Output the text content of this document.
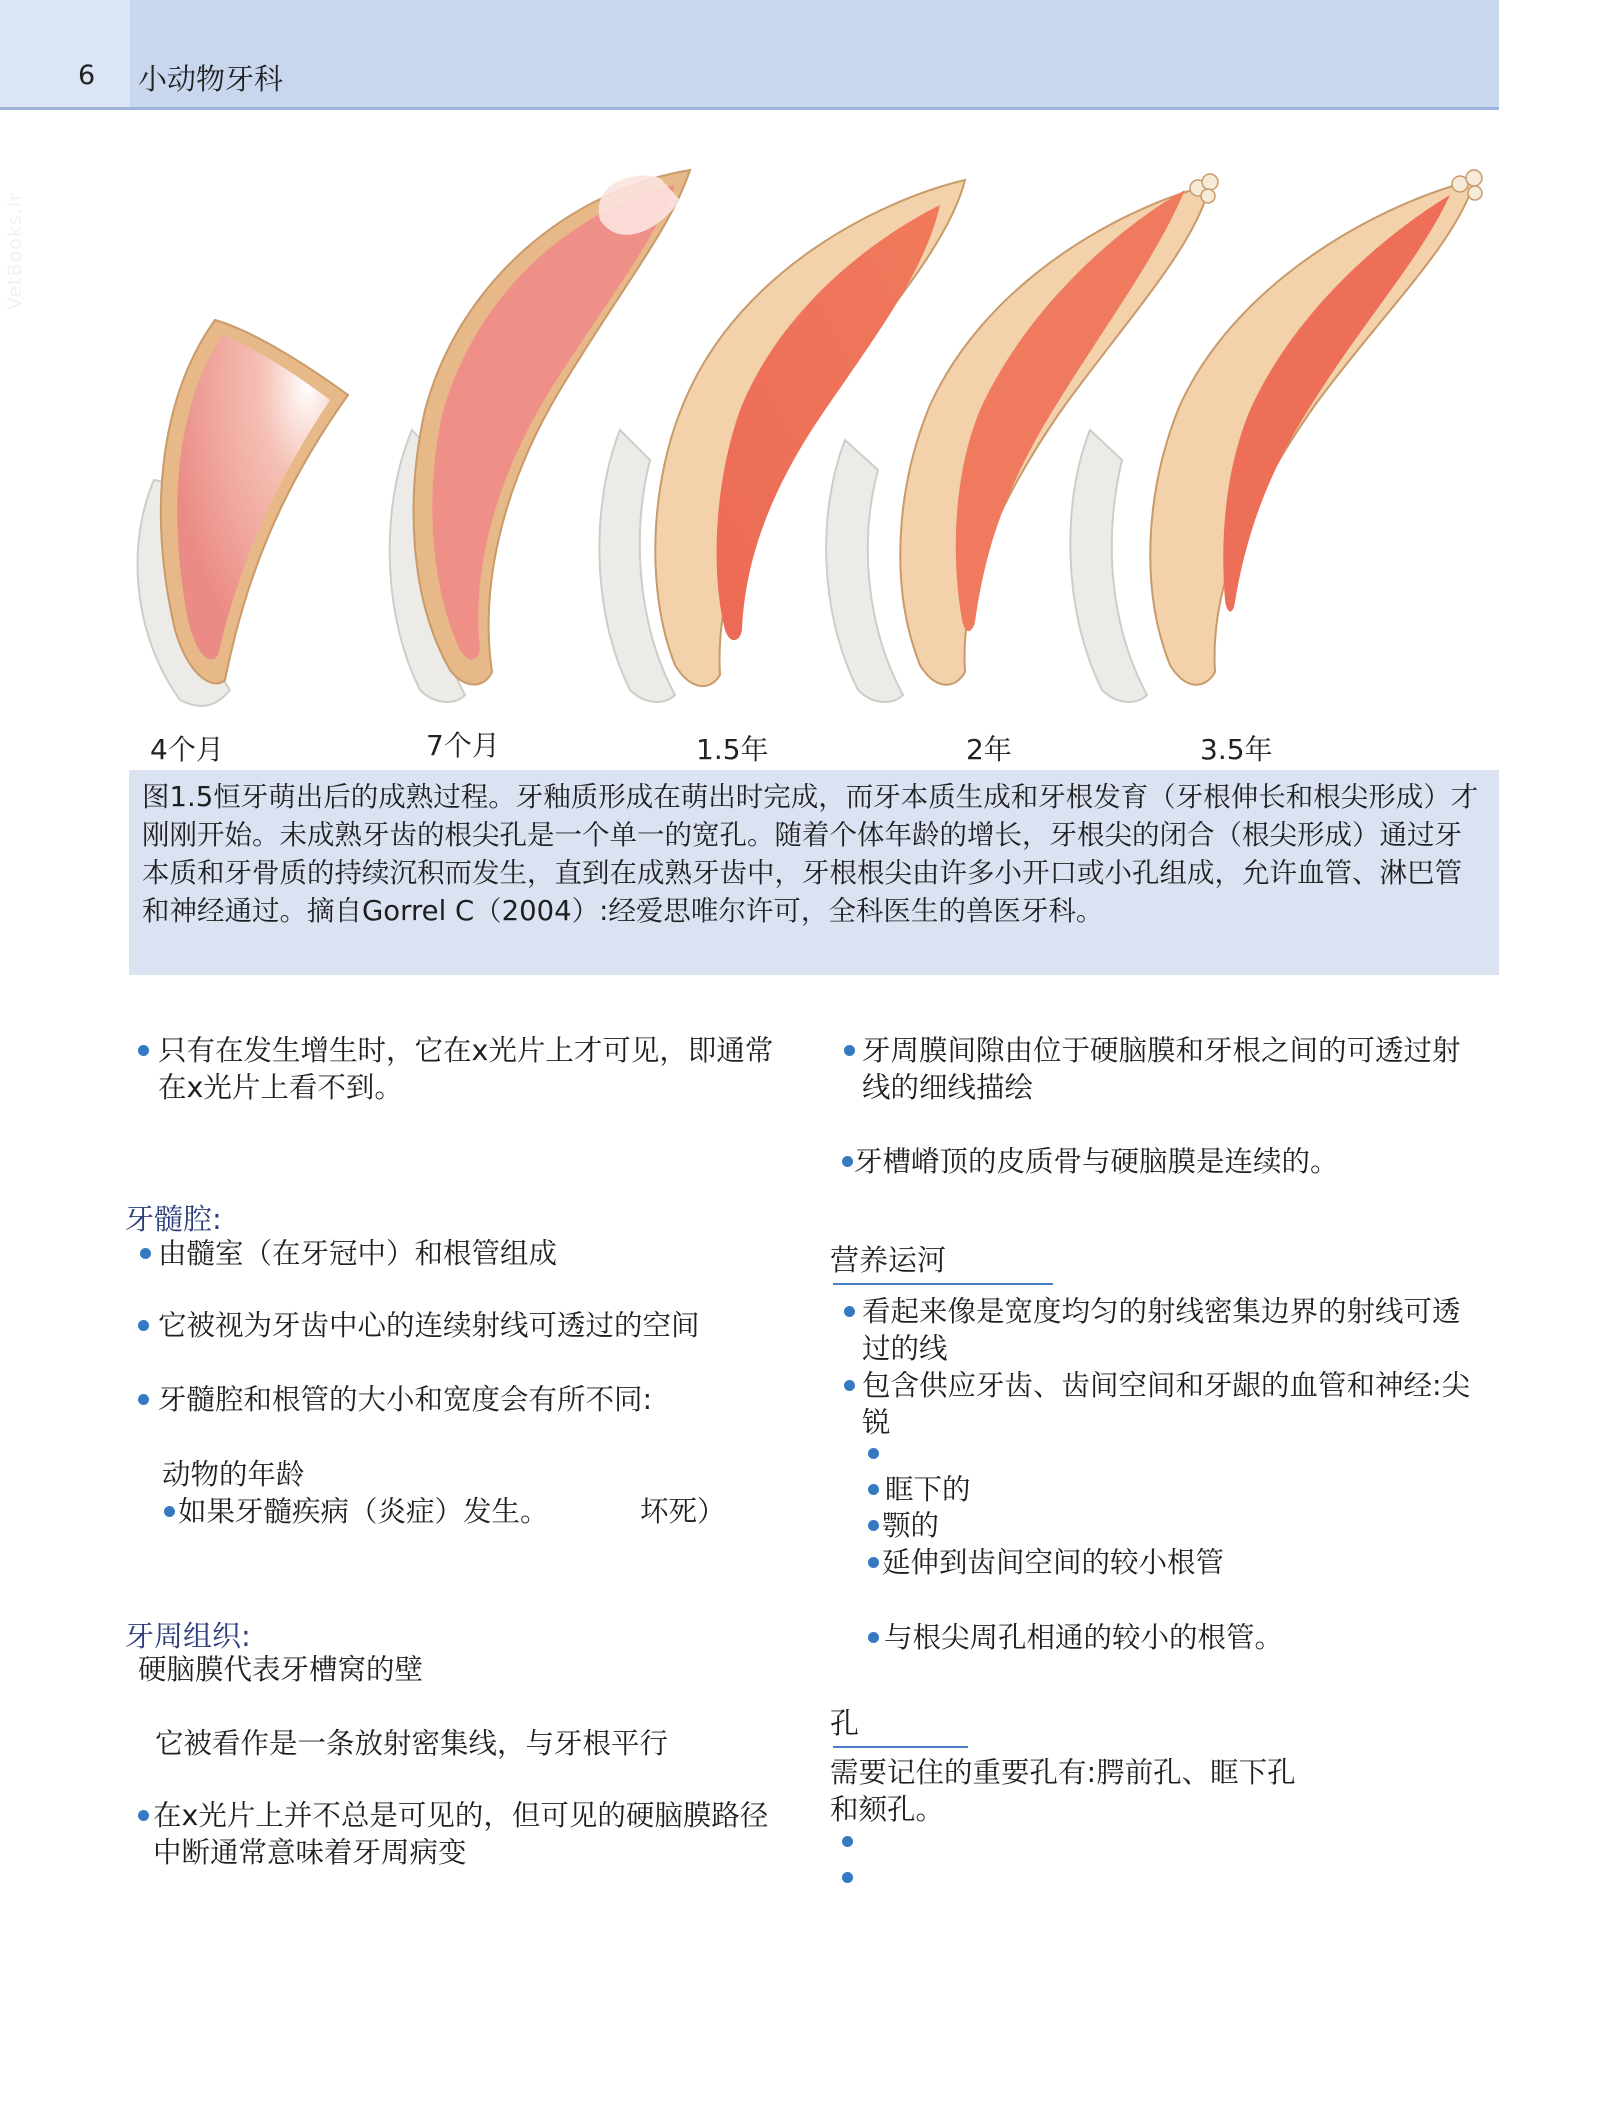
6 小动物牙科
VetBooks.ir
4个月	7个月	1.5年	2年	3.5年

图1.5恒牙萌出后的成熟过程。牙釉质形成在萌出时完成，而牙本质生成和牙根发育（牙根伸长和根尖形成）才刚刚开始。未成熟牙齿的根尖孔是一个单一的宽孔。随着个体年龄的增长，牙根尖的闭合（根尖形成）通过牙本质和牙骨质的持续沉积而发生，直到在成熟牙齿中，牙根根尖由许多小开口或小孔组成，允许血管、淋巴管和神经通过。摘自Gorrel C（2004）:经爱思唯尔许可，全科医生的兽医牙科。

只有在发生增生时，它在x光片上才可见，即通常
在x光片上看不到。
牙髓腔:
由髓室（在牙冠中）和根管组成
它被视为牙齿中心的连续射线可透过的空间
牙髓腔和根管的大小和宽度会有所不同:
动物的年龄
如果牙髓疾病（炎症）发生。	坏死）
牙周组织:
硬脑膜代表牙槽窝的壁
它被看作是一条放射密集线，与牙根平行
在x光片上并不总是可见的，但可见的硬脑膜路径
中断通常意味着牙周病变
牙周膜间隙由位于硬脑膜和牙根之间的可透过射
线的细线描绘
牙槽嵴顶的皮质骨与硬脑膜是连续的。
营养运河
看起来像是宽度均匀的射线密集边界的射线可透
过的线
包含供应牙齿、齿间空间和牙龈的血管和神经:尖
锐
眶下的
颚的
延伸到齿间空间的较小根管
与根尖周孔相通的较小的根管。
孔
需要记住的重要孔有:腭前孔、眶下孔
和颏孔。
